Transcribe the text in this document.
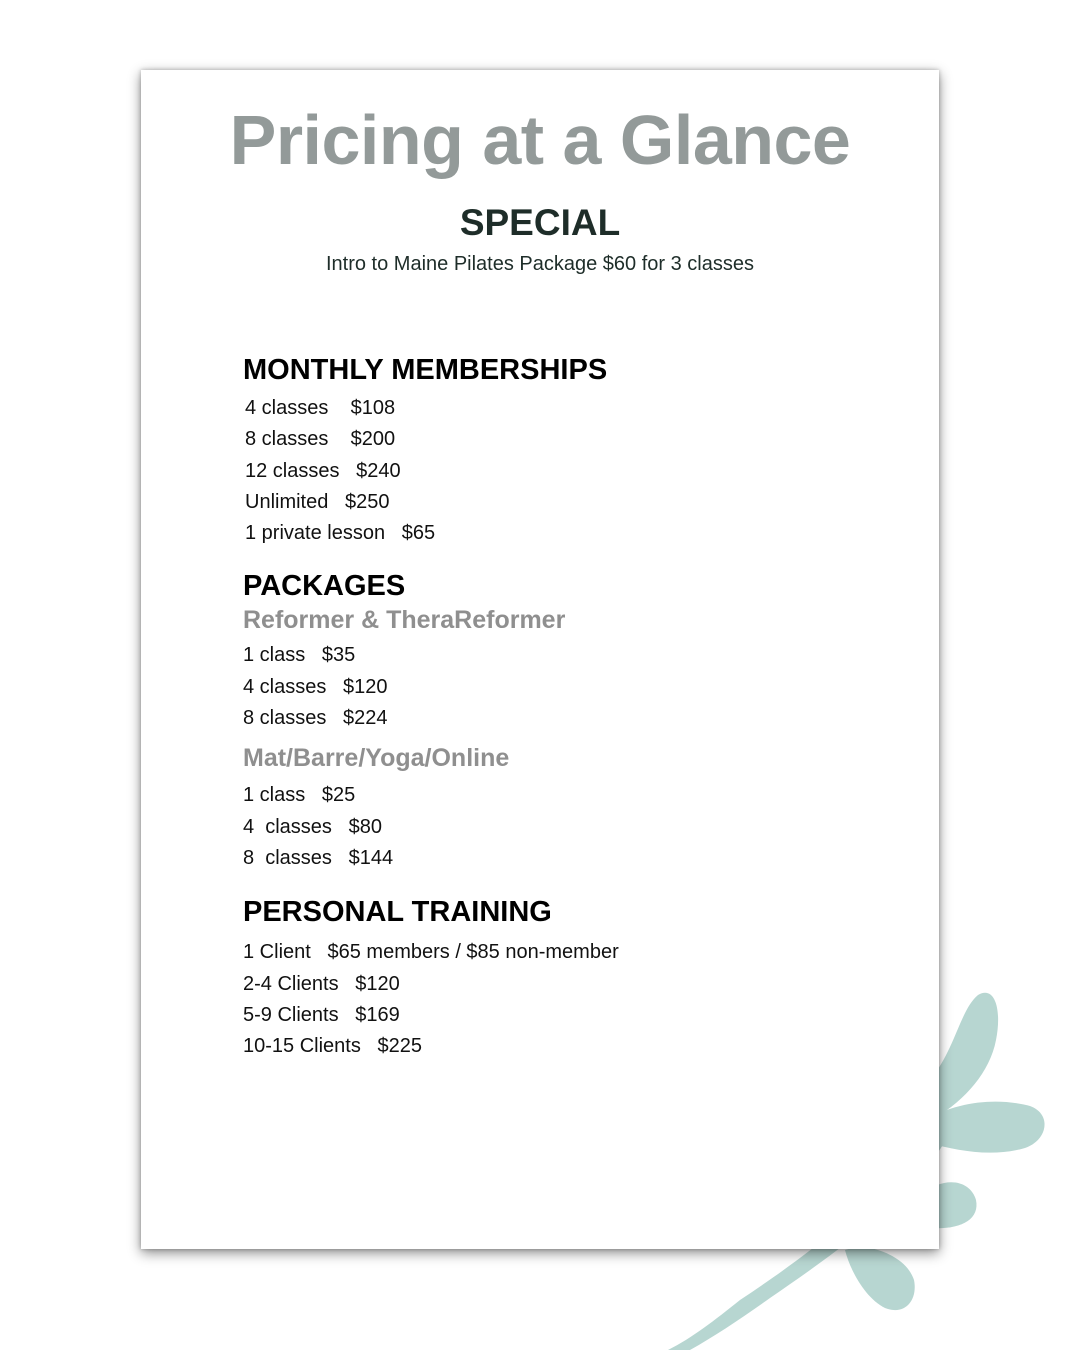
Pricing at a Glance
SPECIAL
Intro to Maine Pilates Package $60 for 3 classes
MONTHLY MEMBERSHIPS
4 classes    $108
8 classes    $200
12 classes   $240
Unlimited   $250
1 private lesson   $65
PACKAGES
Reformer & TheraReformer
1 class   $35
4 classes   $120
8 classes   $224
Mat/Barre/Yoga/Online
1 class   $25
4  classes   $80
8  classes   $144
PERSONAL TRAINING
1 Client   $65 members / $85 non-member
2-4 Clients   $120
5-9 Clients   $169
10-15 Clients   $225
